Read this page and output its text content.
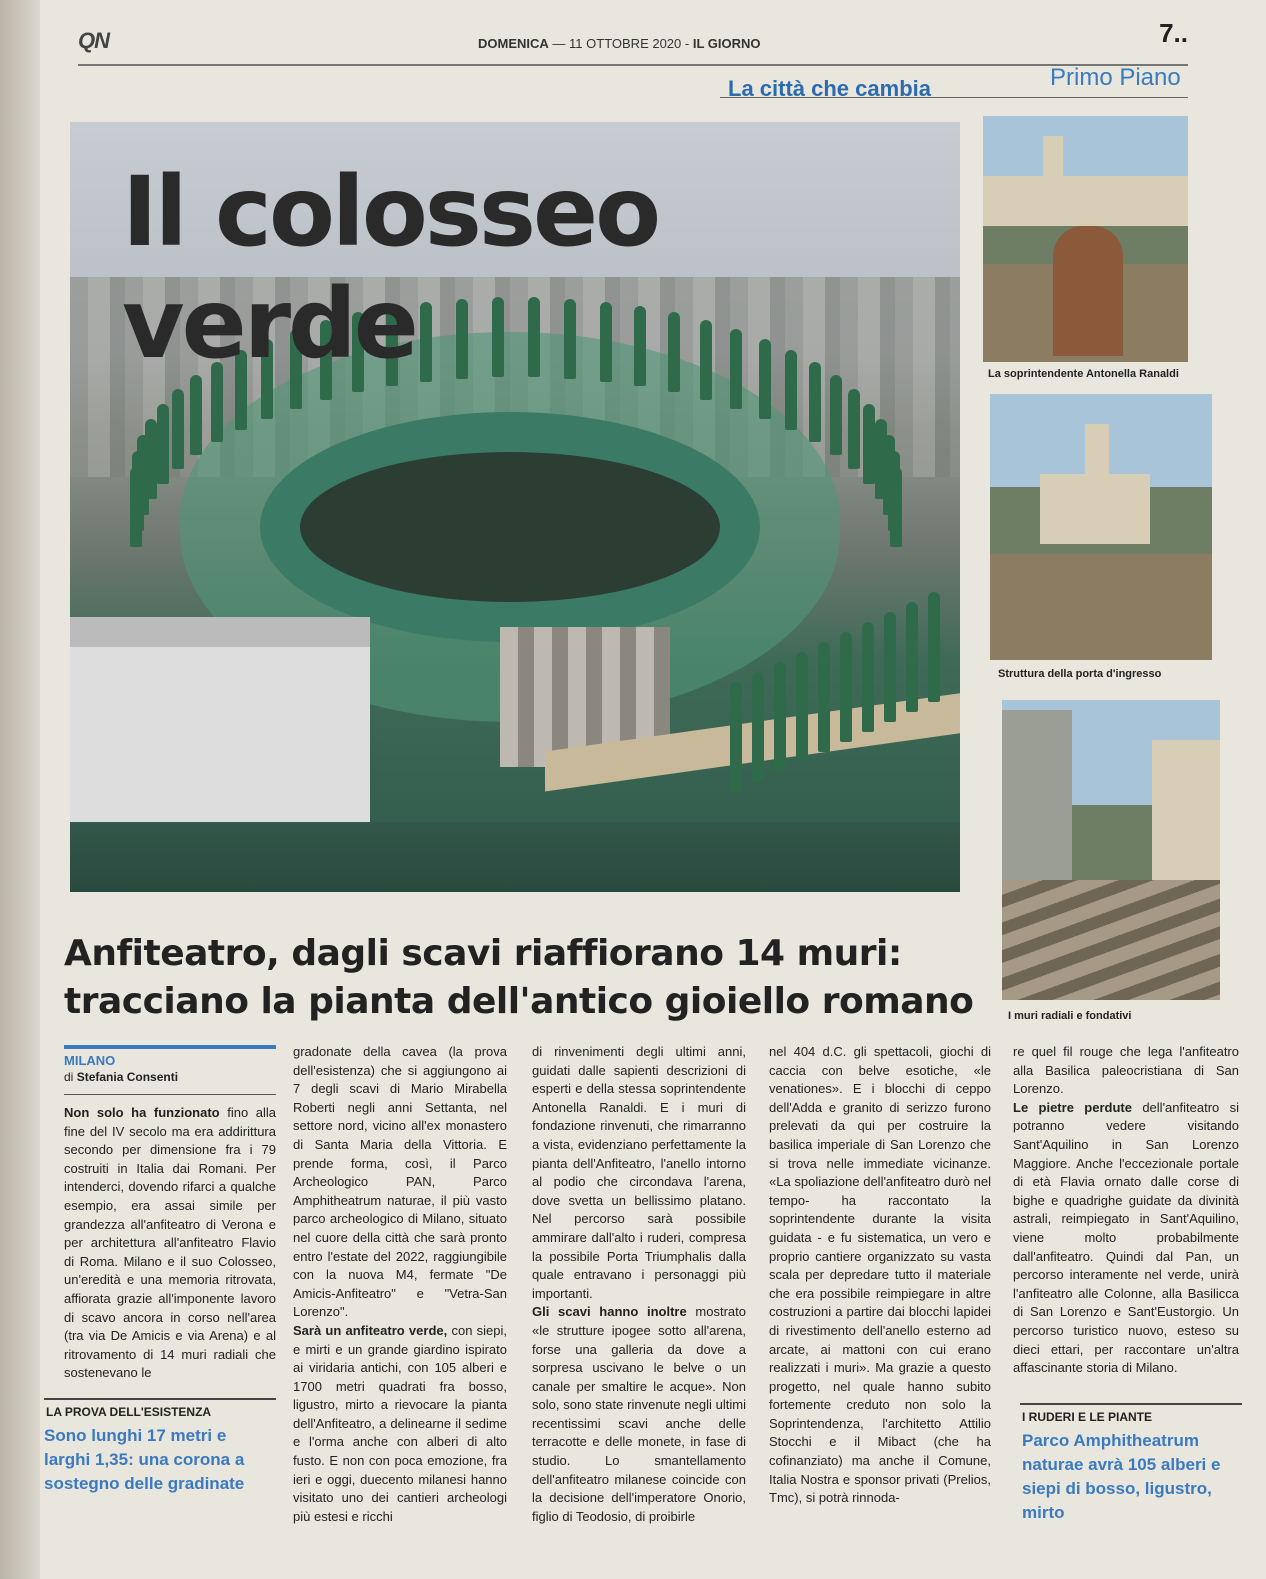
QN	DOMENICA — 11 OTTOBRE 2020 - IL GIORNO	7..
La città che cambia	Primo Piano
Il colosseo verde	La soprintendente Antonella Ranaldi
Struttura della porta d'ingresso
I muri radiali e fondativi
Anfiteatro, dagli scavi riaffiorano 14 muri:
tracciano la pianta dell'antico gioiello romano
MILANO
di Stefania Consenti

Non solo ha funzionato fino alla fine del IV secolo ma era addirittura secondo per dimensione fra i 79 costruiti in Italia dai Romani. Per intenderci, dovendo rifarci a qualche esempio, era assai simile per grandezza all'anfiteatro di Verona e per architettura all'anfiteatro Flavio di Roma. Milano e il suo Colosseo, un'eredità e una memoria ritrovata, affiorata grazie all'imponente lavoro di scavo ancora in corso nell'area (tra via De Amicis e via Arena) e al ritrovamento di 14 muri radiali che sostenevano le

LA PROVA DELL'ESISTENZA
Sono lunghi 17 metri e larghi 1,35: una corona a sostegno delle gradinate

gradonate della cavea (la prova dell'esistenza) che si aggiungono ai 7 degli scavi di Mario Mirabella Roberti negli anni Settanta, nel settore nord, vicino all'ex monastero di Santa Maria della Vittoria. E prende forma, così, il Parco Archeologico PAN, Parco Amphitheatrum naturae, il più vasto parco archeologico di Milano, situato nel cuore della città che sarà pronto entro l'estate del 2022, raggiungibile con la nuova M4, fermate "De Amicis-Anfiteatro" e "Vetra-San Lorenzo".

Sarà un anfiteatro verde, con siepi, e mirti e un grande giardino ispirato ai viridaria antichi, con 105 alberi e 1700 metri quadrati fra bosso, ligustro, mirto a rievocare la pianta dell'Anfiteatro, a delinearne il sedime e l'orma anche con alberi di alto fusto. E non con poca emozione, fra ieri e oggi, duecento milanesi hanno visitato uno dei cantieri archeologi più estesi e ricchi

di rinvenimenti degli ultimi anni, guidati dalle sapienti descrizioni di esperti e della stessa soprintendente Antonella Ranaldi. E i muri di fondazione rinvenuti, che rimarranno a vista, evidenziano perfettamente la pianta dell'Anfiteatro, l'anello intorno al podio che circondava l'arena, dove svetta un bellissimo platano. Nel percorso sarà possibile ammirare dall'alto i ruderi, compresa la possibile Porta Triumphalis dalla quale entravano i personaggi più importanti.

Gli scavi hanno inoltre mostrato «le strutture ipogee sotto all'arena, forse una galleria da dove a sorpresa uscivano le belve o un canale per smaltire le acque». Non solo, sono state rinvenute negli ultimi recentissimi scavi anche delle terracotte e delle monete, in fase di studio. Lo smantellamento dell'anfiteatro milanese coincide con la decisione dell'imperatore Onorio, figlio di Teodosio, di proibirle

nel 404 d.C. gli spettacoli, giochi di caccia con belve esotiche, «le venationes». E i blocchi di ceppo dell'Adda e granito di serizzo furono prelevati da qui per costruire la basilica imperiale di San Lorenzo che si trova nelle immediate vicinanze. «La spoliazione dell'anfiteatro durò nel tempo- ha raccontato la soprintendente durante la visita guidata - e fu sistematica, un vero e proprio cantiere organizzato su vasta scala per depredare tutto il materiale che era possibile reimpiegare in altre costruzioni a partire dai blocchi lapidei di rivestimento dell'anello esterno ad arcate, ai mattoni con cui erano realizzati i muri». Ma grazie a questo progetto, nel quale hanno subito fortemente creduto non solo la Soprintendenza, l'architetto Attilio Stocchi e il Mibact (che ha cofinanziato) ma anche il Comune, Italia Nostra e sponsor privati (Prelios, Tmc), si potrà rinnoda-

re quel fil rouge che lega l'anfiteatro alla Basilica paleocristiana di San Lorenzo.

Le pietre perdute dell'anfiteatro si potranno vedere visitando Sant'Aquilino in San Lorenzo Maggiore. Anche l'eccezionale portale di età Flavia ornato dalle corse di bighe e quadrighe guidate da divinità astrali, reimpiegato in Sant'Aquilino, viene molto probabilmente dall'anfiteatro. Quindi dal Pan, un percorso interamente nel verde, unirà l'anfiteatro alle Colonne, alla Basilicca di San Lorenzo e Sant'Eustorgio. Un percorso turistico nuovo, esteso su dieci ettari, per raccontare un'altra affascinante storia di Milano.

I RUDERI E LE PIANTE
Parco Amphitheatrum naturae avrà 105 alberi e siepi di bosso, ligustro, mirto
